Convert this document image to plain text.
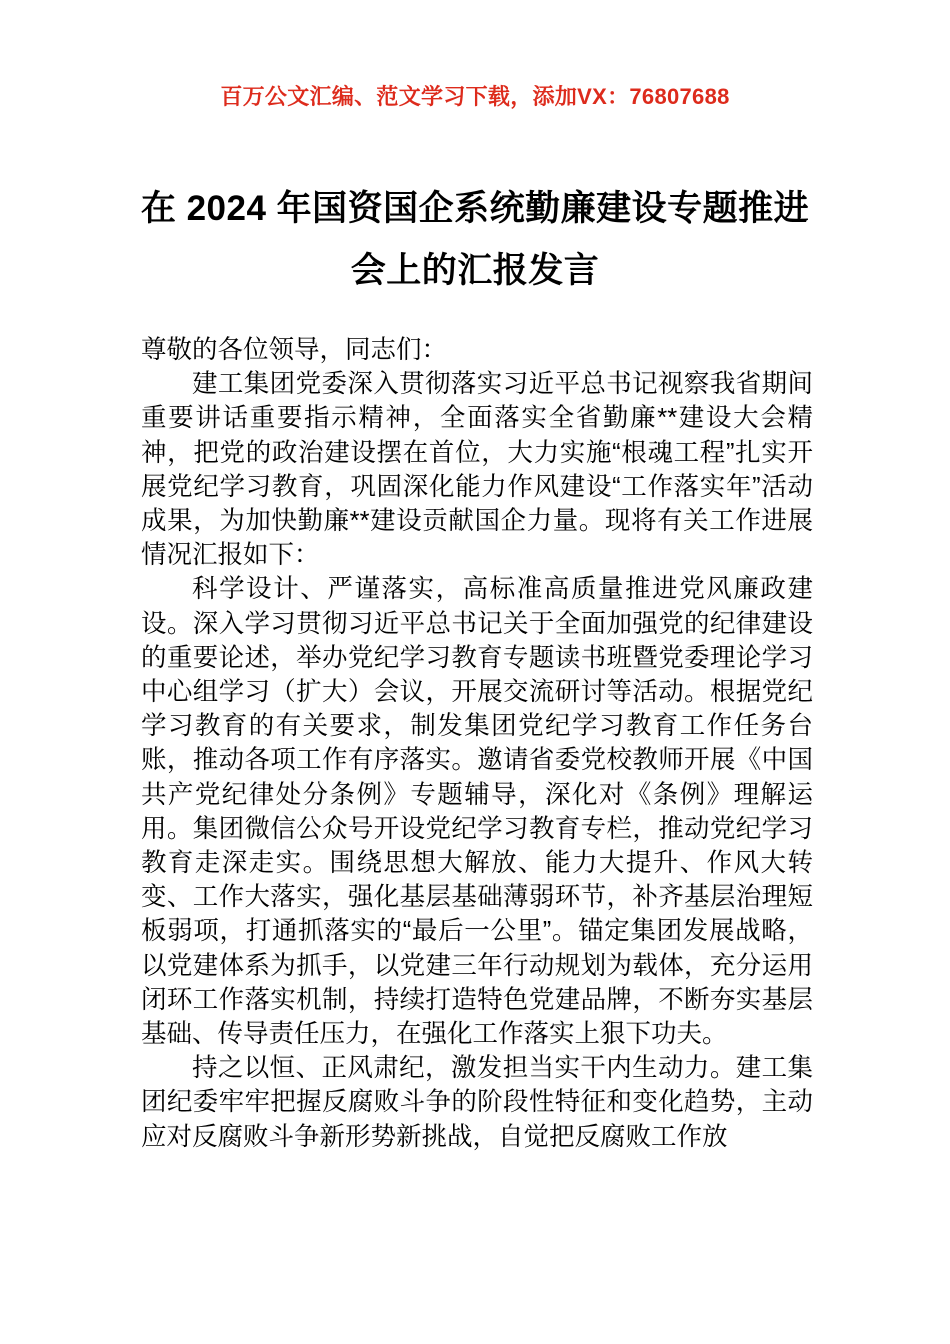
百万公文汇编、范文学习下载，添加VX：76807688
在 2024 年国资国企系统勤廉建设专题推进
会上的汇报发言

尊敬的各位领导，同志们：

建工集团党委深入贯彻落实习近平总书记视察我省期间重要讲话重要指示精神，全面落实全省勤廉**建设大会精神，把党的政治建设摆在首位，大力实施“根魂工程”扎实开展党纪学习教育，巩固深化能力作风建设“工作落实年”活动成果，为加快勤廉**建设贡献国企力量。现将有关工作进展情况汇报如下：

科学设计、严谨落实，高标准高质量推进党风廉政建设。深入学习贯彻习近平总书记关于全面加强党的纪律建设的重要论述，举办党纪学习教育专题读书班暨党委理论学习中心组学习（扩大）会议，开展交流研讨等活动。根据党纪学习教育的有关要求，制发集团党纪学习教育工作任务台账，推动各项工作有序落实。邀请省委党校教师开展《中国共产党纪律处分条例》专题辅导，深化对《条例》理解运用。集团微信公众号开设党纪学习教育专栏，推动党纪学习教育走深走实。围绕思想大解放、能力大提升、作风大转变、工作大落实，强化基层基础薄弱环节，补齐基层治理短板弱项，打通抓落实的“最后一公里”。锚定集团发展战略，以党建体系为抓手，以党建三年行动规划为载体，充分运用闭环工作落实机制，持续打造特色党建品牌，不断夯实基层基础、传导责任压力，在强化工作落实上狠下功夫。

持之以恒、正风肃纪，激发担当实干内生动力。建工集团纪委牢牢把握反腐败斗争的阶段性特征和变化趋势，主动应对反腐败斗争新形势新挑战，自觉把反腐败工作放
